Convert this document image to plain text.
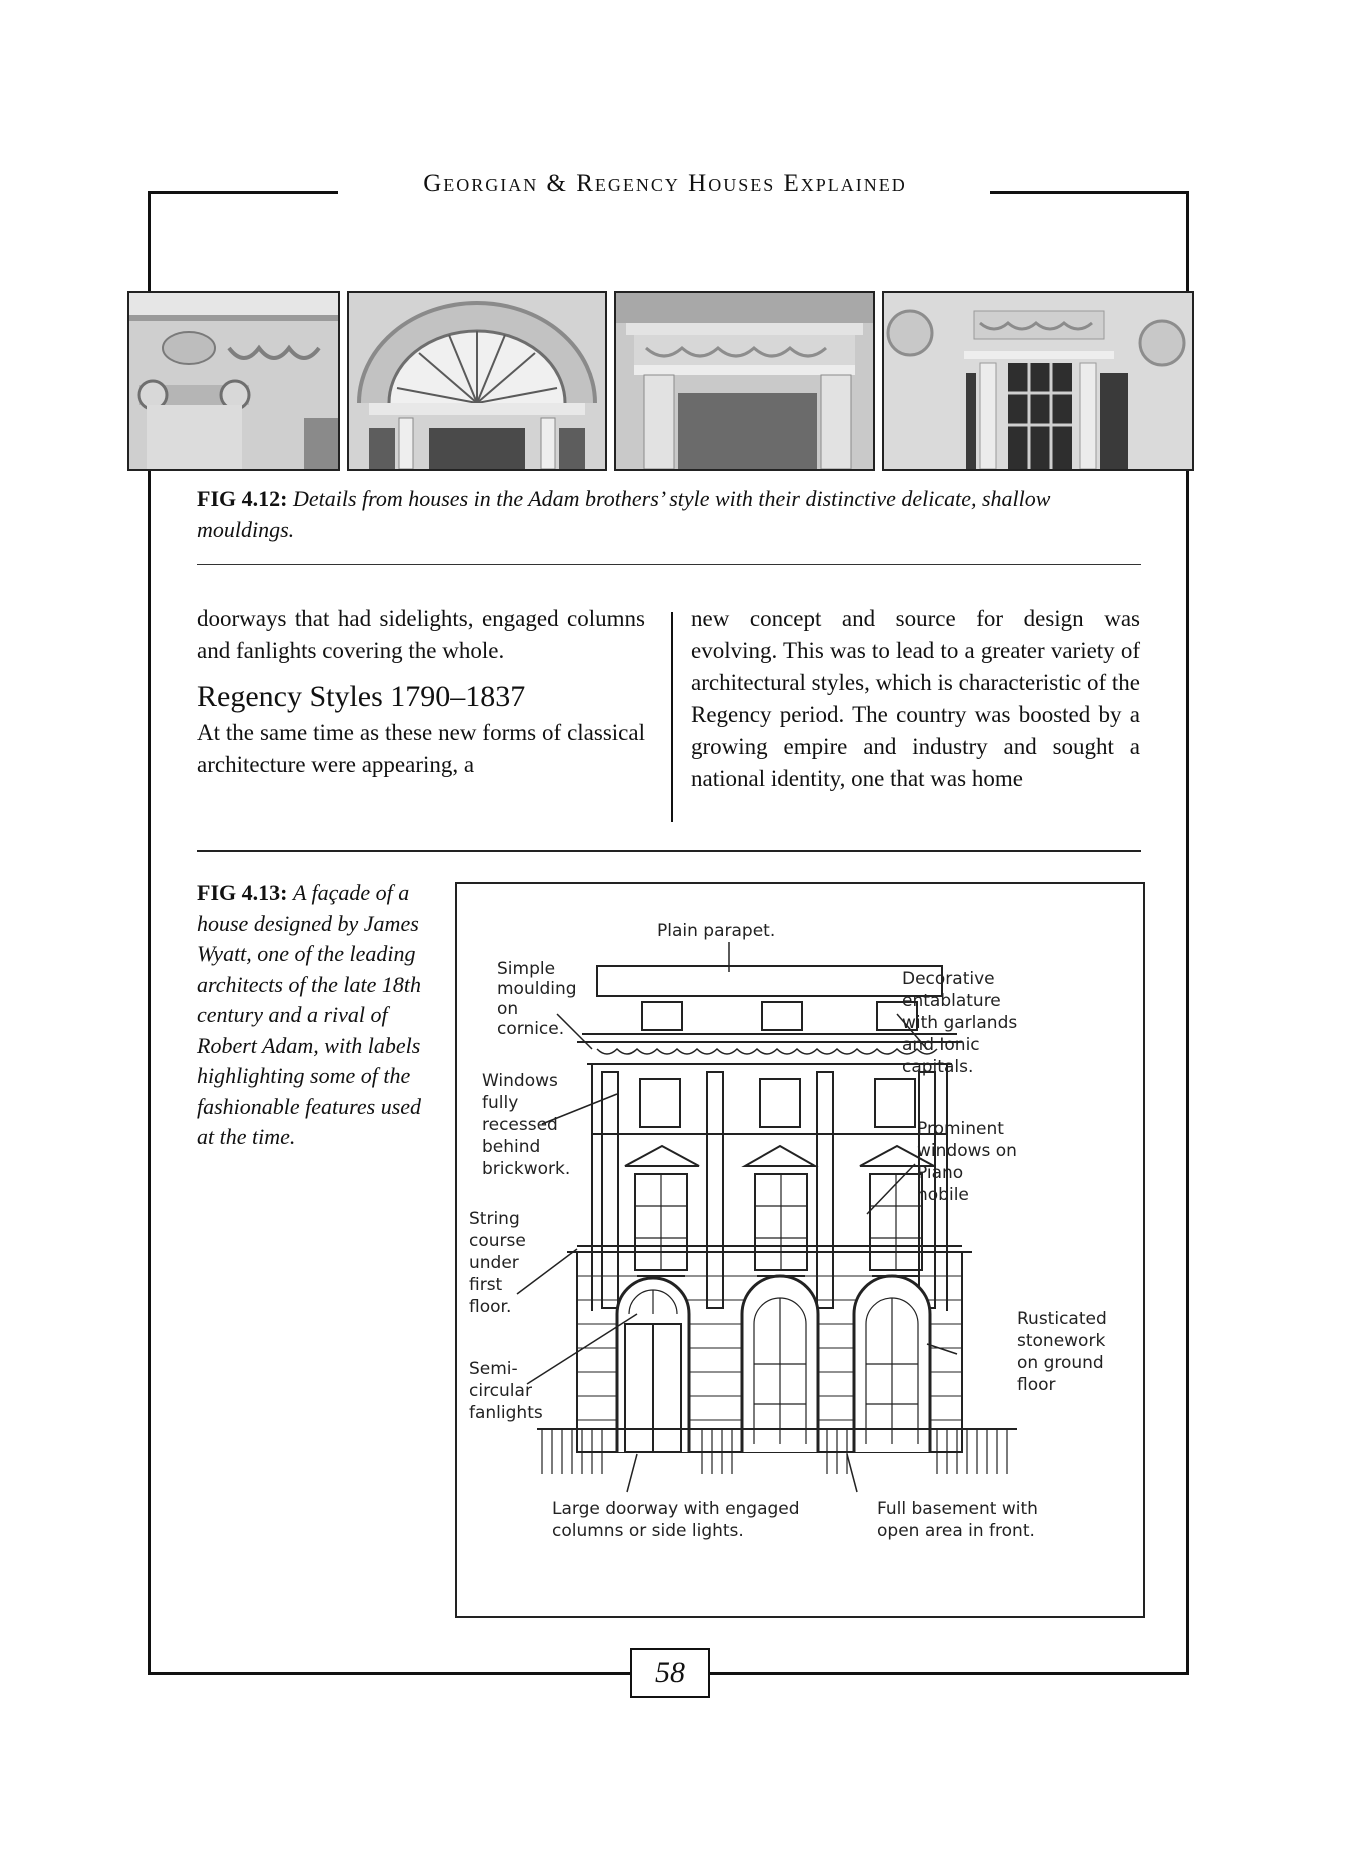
Georgian & Regency Houses Explained
FIG 4.12: Details from houses in the Adam brothers’ style with their distinctive delicate, shallow mouldings.
doorways that had sidelights, engaged columns and fanlights covering the whole.
Regency Styles 1790–1837
At the same time as these new forms of classical architecture were appearing, a
new concept and source for design was evolving. This was to lead to a greater variety of architectural styles, which is characteristic of the Regency period. The country was boosted by a growing empire and industry and sought a national identity, one that was home
FIG 4.13: A façade of a house designed by James Wyatt, one of the leading architects of the late 18th century and a rival of Robert Adam, with labels highlighting some of the fashionable features used at the time.
Plain parapet.
Simple
moulding
on
cornice.
Decorative
entablature
with garlands
and Ionic
capitals.
Windows
fully
recessed
behind
brickwork.
Prominent
windows on
Piano
nobile
String
course
under
first
floor.
Rusticated
stonework
on ground
floor
Semi-
circular
fanlights
Large doorway with engaged
columns or side lights.
Full basement with
open area in front.
58
